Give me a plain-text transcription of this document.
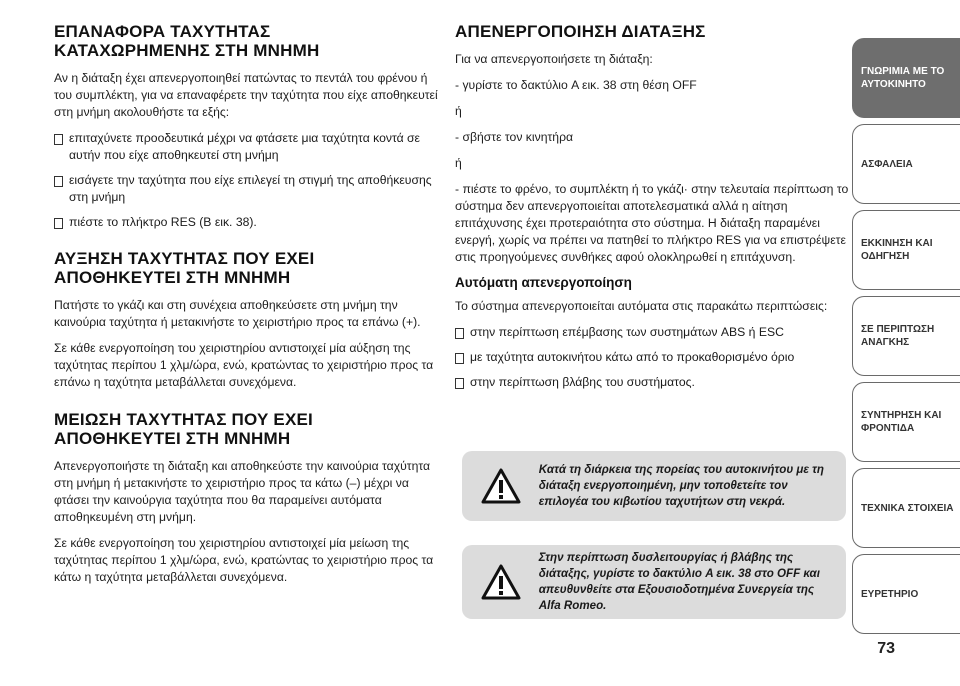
ΕΠΑΝΑΦΟΡΑ ΤΑΧΥΤΗΤΑΣ
ΚΑΤΑΧΩΡΗΜΕΝΗΣ ΣΤΗ ΜΝΗΜΗ

Αν η διάταξη έχει απενεργοποιηθεί πατώντας το πεντάλ του φρένου ή του συμπλέκτη, για να επαναφέρετε την ταχύτητα που είχε αποθηκευτεί στη μνήμη ακολουθήστε τα εξής:

επιταχύνετε προοδευτικά μέχρι να φτάσετε μια ταχύτητα κοντά σε αυτήν που είχε αποθηκευτεί στη μνήμη
εισάγετε την ταχύτητα που είχε επιλεγεί τη στιγμή της αποθήκευσης στη μνήμη
πιέστε το πλήκτρο RES (B εικ. 38).
ΑΥΞΗΣΗ ΤΑΧΥΤΗΤΑΣ ΠΟΥ ΕΧΕΙ
ΑΠΟΘΗΚΕΥΤΕΙ ΣΤΗ ΜΝΗΜΗ

Πατήστε το γκάζι και στη συνέχεια αποθηκεύσετε στη μνήμη την καινούρια ταχύτητα ή μετακινήστε το χειριστήριο προς τα επάνω (+).

Σε κάθε ενεργοποίηση του χειριστηρίου αντιστοιχεί μία αύξηση της ταχύτητας περίπου 1 χλμ/ώρα, ενώ, κρατώντας το χειριστήριο προς τα επάνω η ταχύτητα μεταβάλλεται συνεχόμενα.

ΜΕΙΩΣΗ ΤΑΧΥΤΗΤΑΣ ΠΟΥ ΕΧΕΙ
ΑΠΟΘΗΚΕΥΤΕΙ ΣΤΗ ΜΝΗΜΗ

Απενεργοποιήστε τη διάταξη και αποθηκεύστε την καινούρια ταχύτητα στη μνήμη ή μετακινήστε το χειριστήριο προς τα κάτω (–) μέχρι να φτάσει την καινούργια ταχύτητα που θα παραμείνει αυτόματα αποθηκευμένη στη μνήμη.

Σε κάθε ενεργοποίηση του χειριστηρίου αντιστοιχεί μία μείωση της ταχύτητας περίπου 1 χλμ/ώρα, ενώ, κρατώντας το χειριστήριο προς τα κάτω η ταχύτητα μεταβάλλεται συνεχόμενα.

ΑΠΕΝΕΡΓΟΠΟΙΗΣΗ ΔΙΑΤΑΞΗΣ

Για να απενεργοποιήσετε τη διάταξη:

- γυρίστε το δακτύλιο A εικ. 38 στη θέση OFF

ή

- σβήστε τον κινητήρα

ή

- πιέστε το φρένο, το συμπλέκτη ή το γκάζι· στην τελευταία περίπτωση το σύστημα δεν απενεργοποιείται αποτελεσματικά αλλά η αίτηση επιτάχυνσης έχει προτεραιότητα στο σύστημα. Η διάταξη παραμένει ενεργή, χωρίς να πρέπει να πατηθεί το πλήκτρο RES για να επιστρέψετε στις προηγούμενες συνθήκες αφού ολοκληρωθεί η επιτάχυνση.

Αυτόματη απενεργοποίηση

Το σύστημα απενεργοποιείται αυτόματα στις παρακάτω περιπτώσεις:

στην περίπτωση επέμβασης των συστημάτων ABS ή ESC
με ταχύτητα αυτοκινήτου κάτω από το προκαθορισμένο όριο
στην περίπτωση βλάβης του συστήματος.
Κατά τη διάρκεια της πορείας του αυτοκινήτου με τη διάταξη ενεργοποιημένη, μην τοποθετείτε τον επιλογέα του κιβωτίου ταχυτήτων στη νεκρά.
Στην περίπτωση δυσλειτουργίας ή βλάβης της διάταξης, γυρίστε το δακτύλιο A εικ. 38 στο OFF και απευθυνθείτε στα Εξουσιοδοτημένα Συνεργεία της Alfa Romeo.
ΓΝΩΡΙΜΙΑ ΜΕ ΤΟ ΑΥΤΟΚΙΝΗΤΟ
ΑΣΦΑΛΕΙΑ
ΕΚΚΙΝΗΣΗ ΚΑΙ ΟΔΗΓΗΣΗ
ΣΕ ΠΕΡΙΠΤΩΣΗ ΑΝΑΓΚΗΣ
ΣΥΝΤΗΡΗΣΗ ΚΑΙ ΦΡΟΝΤΙΔΑ
ΤΕΧΝΙΚΑ ΣΤΟΙΧΕΙΑ
ΕΥΡΕΤΗΡΙΟ
73
